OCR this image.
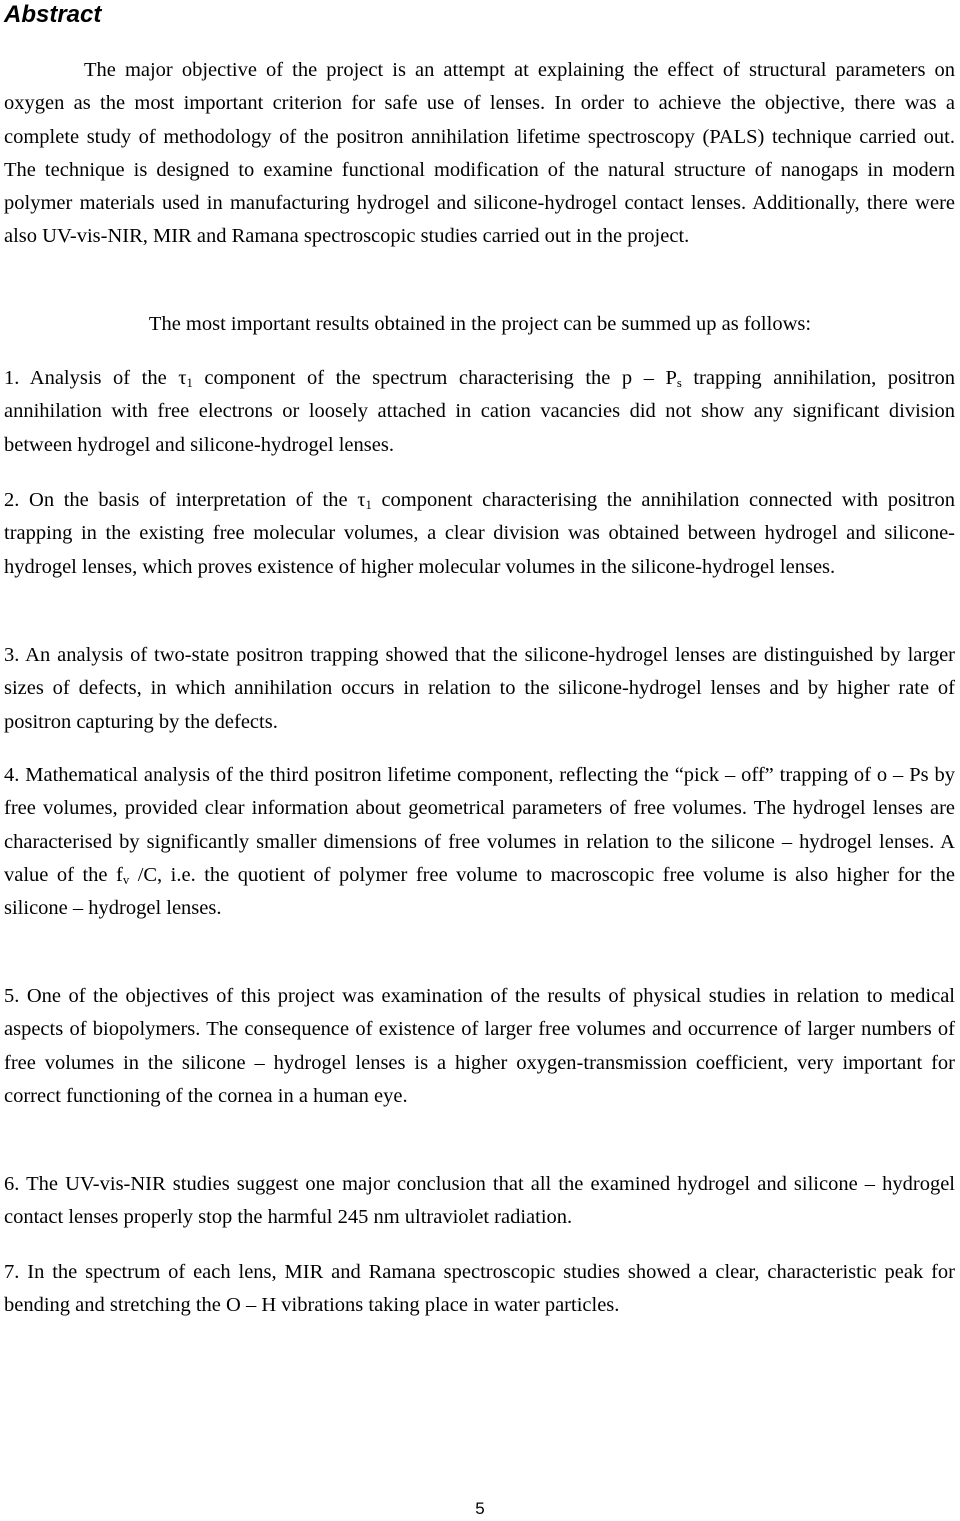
Abstract

The major objective of the project is an attempt at explaining the effect of structural parameters on oxygen as the most important criterion for safe use of lenses. In order to achieve the objective, there was a complete study of methodology of the positron annihilation lifetime spectroscopy (PALS) technique carried out. The technique is designed to examine functional modification of the natural structure of nanogaps in modern polymer materials used in manufacturing hydrogel and silicone-hydrogel contact lenses. Additionally, there were also UV-vis-NIR, MIR and Ramana spectroscopic studies carried out in the project.

The most important results obtained in the project can be summed up as follows:

1. Analysis of the $\tau_1$ component of the spectrum characterising the p – $P_s$ trapping annihilation, positron annihilation with free electrons or loosely attached in cation vacancies did not show any significant division between hydrogel and silicone-hydrogel lenses.

2. On the basis of interpretation of the $\tau_1$ component characterising the annihilation connected with positron trapping in the existing free molecular volumes, a clear division was obtained between hydrogel and silicone-hydrogel lenses, which proves existence of higher molecular volumes in the silicone-hydrogel lenses.

3. An analysis of two-state positron trapping showed that the silicone-hydrogel lenses are distinguished by larger sizes of defects, in which annihilation occurs in relation to the silicone-hydrogel lenses and by higher rate of positron capturing by the defects.

4. Mathematical analysis of the third positron lifetime component, reflecting the “pick – off” trapping of o – Ps by free volumes, provided clear information about geometrical parameters of free volumes. The hydrogel lenses are characterised by significantly smaller dimensions of free volumes in relation to the silicone – hydrogel lenses. A value of the $f_v$ /C, i.e. the quotient of polymer free volume to macroscopic free volume is also higher for the silicone – hydrogel lenses.

5. One of the objectives of this project was examination of the results of physical studies in relation to medical aspects of biopolymers. The consequence of existence of larger free volumes and occurrence of larger numbers of free volumes in the silicone – hydrogel lenses is a higher oxygen-transmission coefficient, very important for correct functioning of the cornea in a human eye.

6. The UV-vis-NIR studies suggest one major conclusion that all the examined hydrogel and silicone – hydrogel contact lenses properly stop the harmful 245 nm ultraviolet radiation.

7. In the spectrum of each lens, MIR and Ramana spectroscopic studies showed a clear, characteristic peak for bending and stretching the O – H vibrations taking place in water particles.

5
